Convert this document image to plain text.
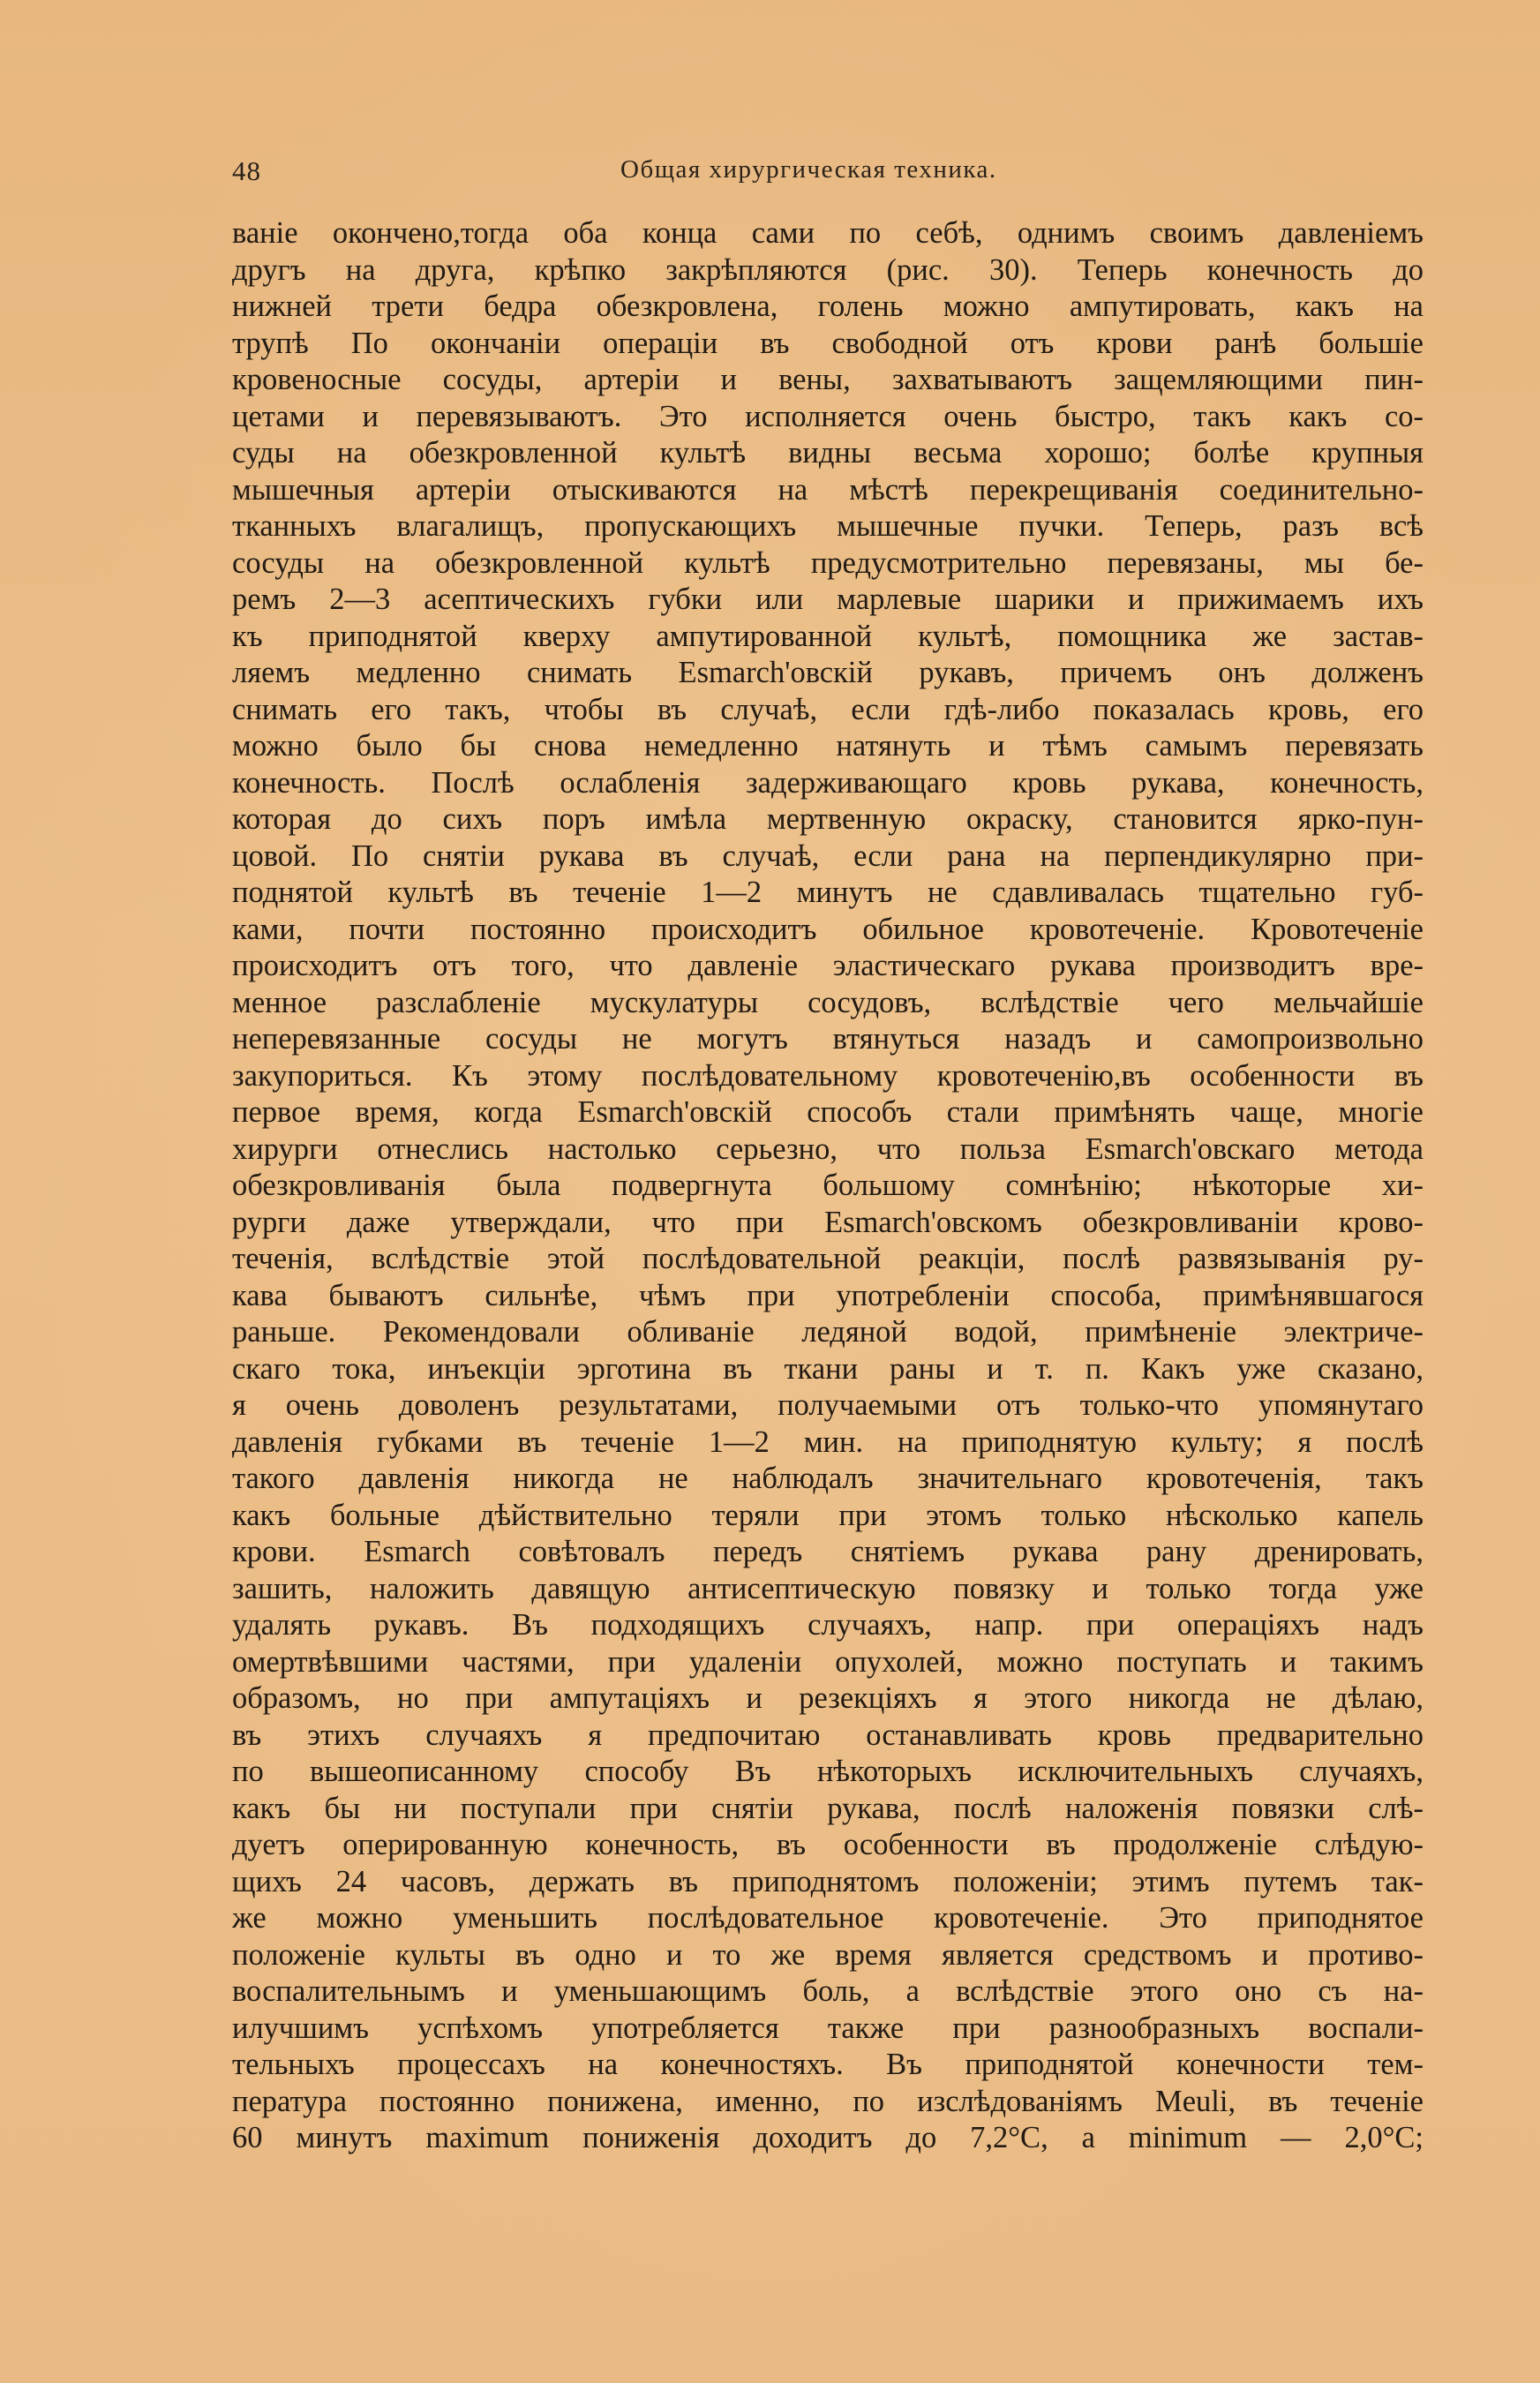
48	Общая хирургическая техника.
ваніе окончено,тогда оба конца сами по себѣ, однимъ своимъ давленіемъ
другъ на друга, крѣпко закрѣпляются (рис. 30). Теперь конечность до
нижней трети бедра обезкровлена, голень можно ампутировать, какъ на
трупѣ По окончаніи операціи въ свободной отъ крови ранѣ большіе
кровеносные сосуды, артеріи и вены, захватываютъ защемляющими пин-
цетами и перевязываютъ. Это исполняется очень быстро, такъ какъ со-
суды на обезкровленной культѣ видны весьма хорошо; болѣе крупныя
мышечныя артеріи отыскиваются на мѣстѣ перекрещиванія соединительно-
тканныхъ влагалищъ, пропускающихъ мышечные пучки. Теперь, разъ всѣ
сосуды на обезкровленной культѣ предусмотрительно перевязаны, мы бе-
ремъ 2—3 асептическихъ губки или марлевые шарики и прижимаемъ ихъ
къ приподнятой кверху ампутированной культѣ, помощника же застав-
ляемъ медленно снимать Esmarch'овскій рукавъ, причемъ онъ долженъ
снимать его такъ, чтобы въ случаѣ, если гдѣ-либо показалась кровь, его
можно было бы снова немедленно натянуть и тѣмъ самымъ перевязать
конечность. Послѣ ослабленія задерживающаго кровь рукава, конечность,
которая до сихъ поръ имѣла мертвенную окраску, становится ярко-пун-
цовой. По снятіи рукава въ случаѣ, если рана на перпендикулярно при-
поднятой культѣ въ теченіе 1—2 минутъ не сдавливалась тщательно губ-
ками, почти постоянно происходитъ обильное кровотеченіе. Кровотеченіе
происходитъ отъ того, что давленіе эластическаго рукава производитъ вре-
менное разслабленіе мускулатуры сосудовъ, вслѣдствіе чего мельчайшіе
неперевязанные сосуды не могутъ втянуться назадъ и самопроизвольно
закупориться. Къ этому послѣдовательному кровотеченію,въ особенности въ
первое время, когда Esmarch'овскій способъ стали примѣнять чаще, многіе
хирурги отнеслись настолько серьезно, что польза Esmarch'овскаго метода
обезкровливанія была подвергнута большому сомнѣнію; нѣкоторые хи-
рурги даже утверждали, что при Esmarch'овскомъ обезкровливаніи крово-
теченія, вслѣдствіе этой послѣдовательной реакціи, послѣ развязыванія ру-
кава бываютъ сильнѣе, чѣмъ при употребленіи способа, примѣнявшагося
раньше. Рекомендовали обливаніе ледяной водой, примѣненіе электриче-
скаго тока, инъекціи эрготина въ ткани раны и т. п. Какъ уже сказано,
я очень доволенъ результатами, получаемыми отъ только-что упомянутаго
давленія губками въ теченіе 1—2 мин. на приподнятую культу; я послѣ
такого давленія никогда не наблюдалъ значительнаго кровотеченія, такъ
какъ больные дѣйствительно теряли при этомъ только нѣсколько капель
крови. Esmarch совѣтовалъ передъ снятіемъ рукава рану дренировать,
зашить, наложить давящую антисептическую повязку и только тогда уже
удалять рукавъ. Въ подходящихъ случаяхъ, напр. при операціяхъ надъ
омертвѣвшими частями, при удаленіи опухолей, можно поступать и такимъ
образомъ, но при ампутаціяхъ и резекціяхъ я этого никогда не дѣлаю,
въ этихъ случаяхъ я предпочитаю останавливать кровь предварительно
по вышеописанному способу Въ нѣкоторыхъ исключительныхъ случаяхъ,
какъ бы ни поступали при снятіи рукава, послѣ наложенія повязки слѣ-
дуетъ оперированную конечность, въ особенности въ продолженіе слѣдую-
щихъ 24 часовъ, держать въ приподнятомъ положеніи; этимъ путемъ так-
же можно уменьшить послѣдовательное кровотеченіе. Это приподнятое
положеніе культы въ одно и то же время является средствомъ и противо-
воспалительнымъ и уменьшающимъ боль, а вслѣдствіе этого оно съ на-
илучшимъ успѣхомъ употребляется также при разнообразныхъ воспали-
тельныхъ процессахъ на конечностяхъ. Въ приподнятой конечности тем-
пература постоянно понижена, именно, по изслѣдованіямъ Meuli, въ теченіе
60 минутъ maximum пониженія доходитъ до 7,2°C, а minimum — 2,0°C;
